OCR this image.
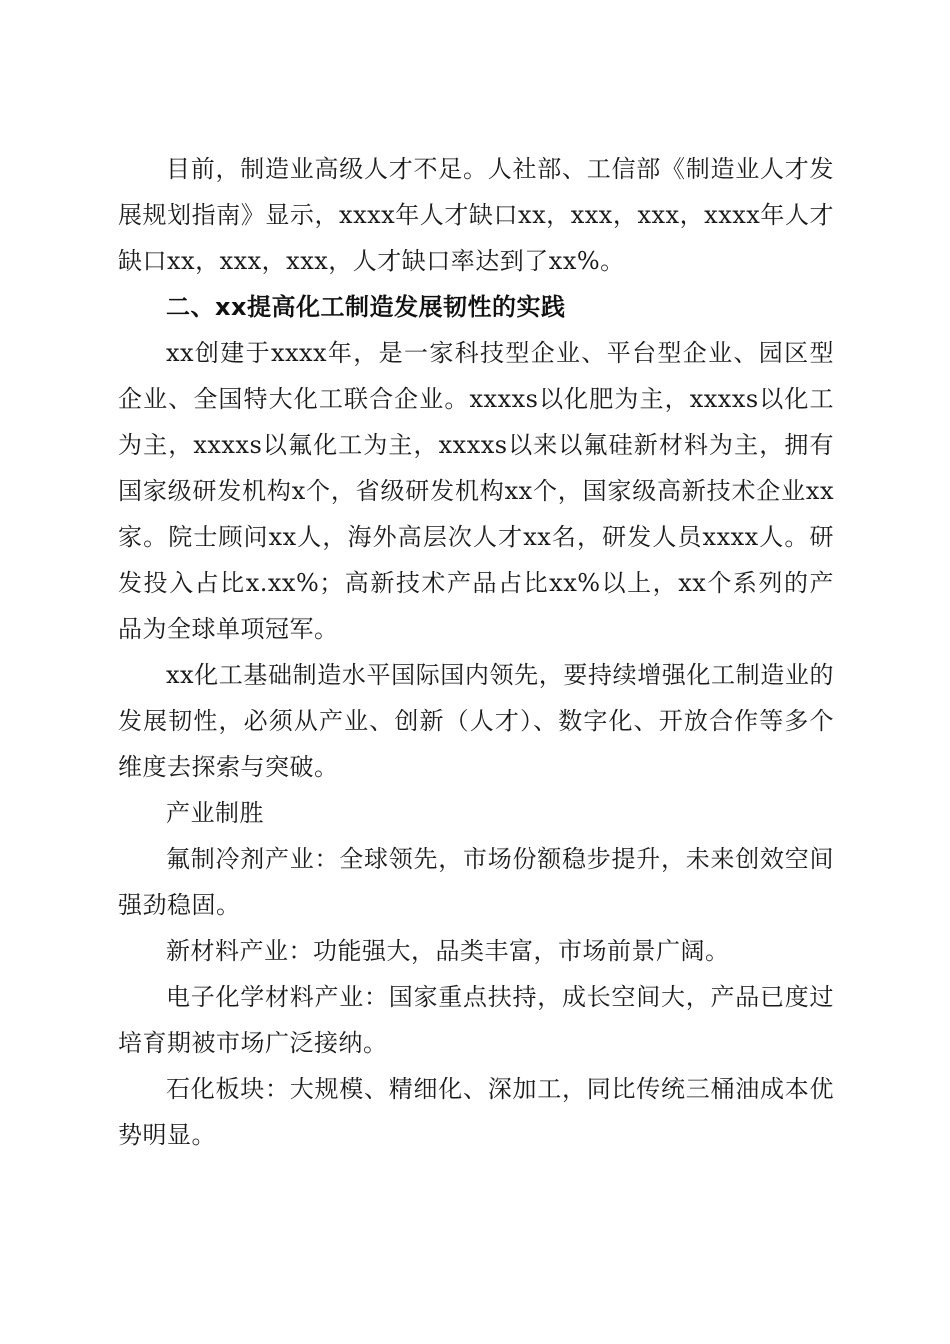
目前，制造业高级人才不足。人社部、工信部《制造业人才发展规划指南》显示，xxxx年人才缺口xx，xxx，xxx，xxxx年人才缺口xx，xxx，xxx，人才缺口率达到了xx%。

二、xx提高化工制造发展韧性的实践

xx创建于xxxx年，是一家科技型企业、平台型企业、园区型企业、全国特大化工联合企业。xxxxs以化肥为主，xxxxs以化工为主，xxxxs以氟化工为主，xxxxs以来以氟硅新材料为主，拥有国家级研发机构x个，省级研发机构xx个，国家级高新技术企业xx家。院士顾问xx人，海外高层次人才xx名，研发人员xxxx人。研发投入占比x.xx%；高新技术产品占比xx%以上，xx个系列的产品为全球单项冠军。

xx化工基础制造水平国际国内领先，要持续增强化工制造业的发展韧性，必须从产业、创新（人才）、数字化、开放合作等多个维度去探索与突破。

产业制胜

氟制冷剂产业：全球领先，市场份额稳步提升，未来创效空间强劲稳固。

新材料产业：功能强大，品类丰富，市场前景广阔。

电子化学材料产业：国家重点扶持，成长空间大，产品已度过培育期被市场广泛接纳。

石化板块：大规模、精细化、深加工，同比传统三桶油成本优势明显。
